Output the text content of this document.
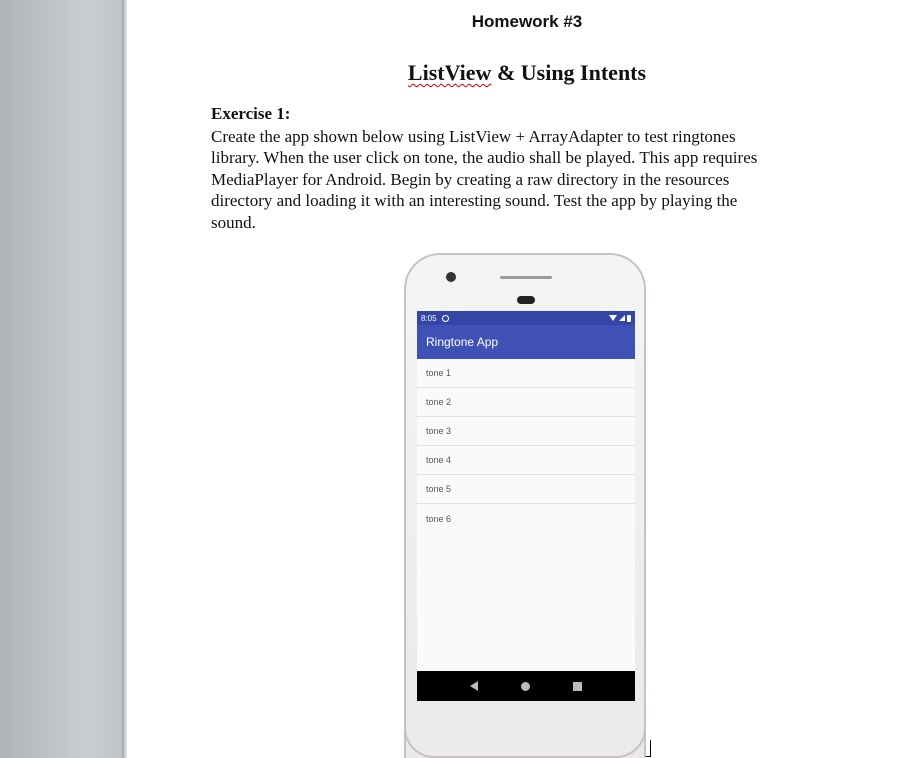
Homework #3
ListView & Using Intents
Exercise 1:
Create the app shown below using ListView + ArrayAdapter to test ringtones
library. When the user click on tone, the audio shall be played. This app requires
MediaPlayer for Android. Begin by creating a raw directory in the resources
directory and loading it with an interesting sound. Test the app by playing the
sound.
8:05
Ringtone App
tone 1
tone 2
tone 3
tone 4
tone 5
tone 6
